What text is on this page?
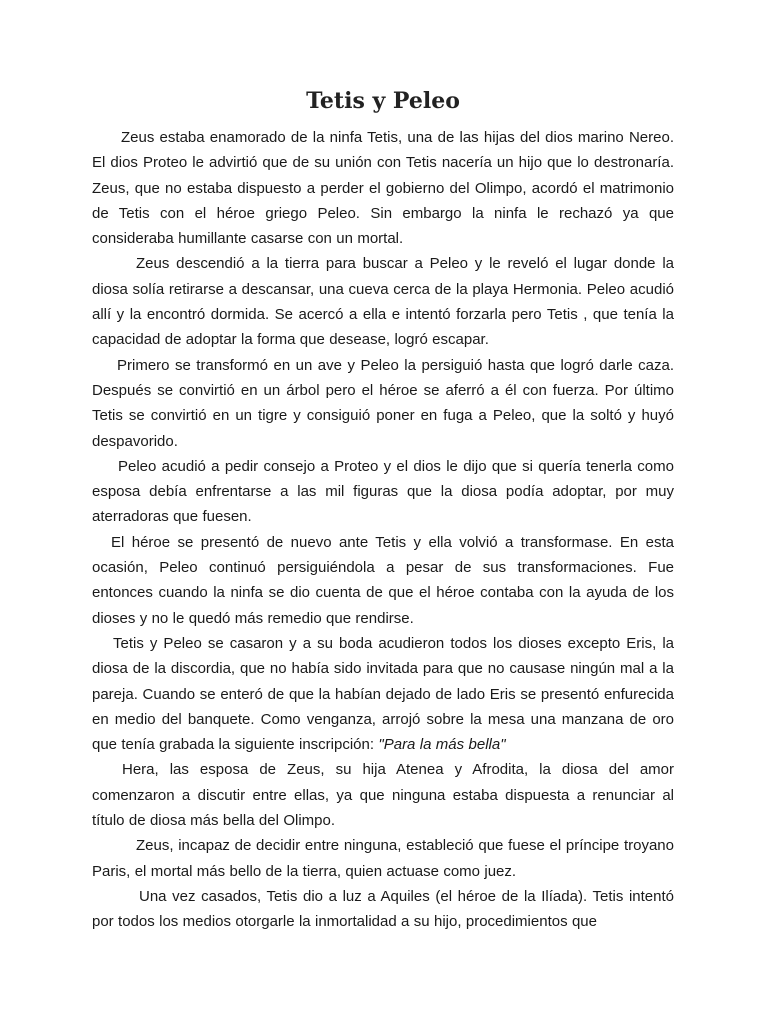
Tetis y Peleo

Zeus estaba enamorado de la ninfa Tetis, una de las hijas del dios marino Nereo. El dios Proteo le advirtió que de su unión con Tetis nacería un hijo que lo destronaría. Zeus, que no estaba dispuesto a perder el gobierno del Olimpo, acordó el matrimonio de Tetis con el héroe griego Peleo. Sin embargo la ninfa le rechazó ya que consideraba humillante casarse con un mortal.

Zeus descendió a la tierra para buscar a Peleo y le reveló el lugar donde la diosa solía retirarse a descansar, una cueva cerca de la playa Hermonia. Peleo acudió allí y la encontró dormida. Se acercó a ella e intentó forzarla pero Tetis , que tenía la capacidad de adoptar la forma que desease, logró escapar.

Primero se transformó en un ave y Peleo la persiguió hasta que logró darle caza. Después se convirtió en un árbol pero el héroe se aferró a él con fuerza. Por último Tetis se convirtió en un tigre y consiguió poner en fuga a Peleo, que la soltó y huyó despavorido.

Peleo acudió a pedir consejo a Proteo y el dios le dijo que si quería tenerla como esposa debía enfrentarse a las mil figuras que la diosa podía adoptar, por muy aterradoras que fuesen.

El héroe se presentó de nuevo ante Tetis y ella volvió a transformase. En esta ocasión, Peleo continuó persiguiéndola a pesar de sus transformaciones. Fue entonces cuando la ninfa se dio cuenta de que el héroe contaba con la ayuda de los dioses y no le quedó más remedio que rendirse.

Tetis y Peleo se casaron y a su boda acudieron todos los dioses excepto Eris, la diosa de la discordia, que no había sido invitada para que no causase ningún mal a la pareja. Cuando se enteró de que la habían dejado de lado Eris se presentó enfurecida en medio del banquete. Como venganza, arrojó sobre la mesa una manzana de oro que tenía grabada la siguiente inscripción: "Para la más bella"

Hera, las esposa de Zeus, su hija Atenea y Afrodita, la diosa del amor comenzaron a discutir entre ellas, ya que ninguna estaba dispuesta a renunciar al título de diosa más bella del Olimpo.

Zeus, incapaz de decidir entre ninguna, estableció que fuese el príncipe troyano Paris, el mortal más bello de la tierra, quien actuase como juez.

Una vez casados, Tetis dio a luz a Aquiles (el héroe de la Ilíada). Tetis intentó por todos los medios otorgarle la inmortalidad a su hijo, procedimientos que
